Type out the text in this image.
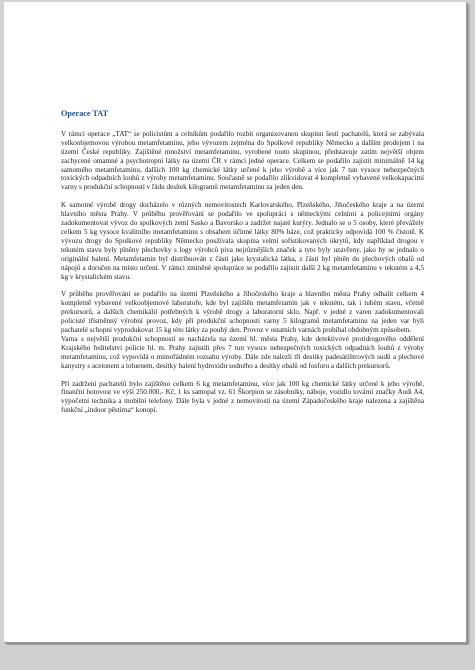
Operace TAT
V rámci operace „TAT“ se policistům a celníkům podařilo rozbít organizovanou skupinu šesti pachatelů, která se zabývala velkoobjemovou výrobou metamfetaminu, jeho vývozem zejména do Spolkové republiky Německo a dalším prodejem i na území České republiky. Zajištěné množství metamfetaminu, vyrobené touto skupinou, představuje zatím největší objem zachycené omamné a psychotropní látky na území ČR v rámci jedné operace. Celkem se podařilo zajistit minimálně 14 kg samotného metamfetaminu, dalších 100 kg chemické látky určené k jeho výrobě a více jak 7 tun vysoce nebezpečných toxických odpadních louhů z výroby metamfetaminu. Současně se podařilo zlikvidovat 4 kompletně vybavené velkokapacitní varny s produkční schopností v řádu desítek kilogramů metamfetaminu za jeden den.
K samotné výrobě drogy docházelo v různých nemovitostech Karlovarského, Plzeňského, Jihočeského kraje a na území hlavního města Prahy. V průběhu prověřování se podařilo ve spolupráci s německými celními a policejními orgány zadokumentovat vývoz do spolkových zemí Sasko a Bavorsko a zadržet najaté kurýry. Jednalo se o 5 osoby, které převážely celkem 5 kg vysoce kvalitního metamfetaminu s obsahem účinné látky 80% báze, což prakticky odpovídá 100 % čistotě. K vývozu drogy do Spolkové republiky Německo používala skupina velmi sofistikovaných úkrytů, kdy například drogou v tekutém stavu byly plněny plechovky s logy výrobců piva nejrůznějších značek a tyto byly uzavřeny, jako by se jednalo o originální balení. Metamfetamin byl distribuován z části jako krystalická látka, z části byl plněn do plechových obalů od nápojů a doručen na místo určení. V rámci zmíněné spolupráce se podařilo zajistit další 2 kg metamfetaminu v tekutém a 4,5 kg v krystalickém stavu.
V průběhu prověřování se podařilo na území Plzeňského a Jihočeského kraje a hlavního města Prahy odhalit celkem 4 kompletně vybavené velkoobjemové laboratoře, kde byl zajištěn metamfetamin jak v tekutém, tak i tuhém stavu, včetně prekursorů, a dalších chemikálií potřebných k výrobě drogy a laboratorní sklo. Např. v jedné z varen zadokumentovali policisté třísměnný výrobní provoz, kdy při produkční schopnosti varny 5 kilogramů metamfetaminu na jeden var byli pachatelé schopni vyprodukovat 15 kg této látky za pouhý den. Provoz v ostatních varnách probíhal obdobným způsobem.
Varna s největší produkční schopností se nacházela na území hl. města Prahy, kde detektivové protidrogového oddělení Krajského ředitelství policie hl. m. Prahy zajistili přes 7 tun vysoce nebezpečných toxických odpadních louhů z výroby metamfetaminu, což vypovídá o mimořádném rozsahu výroby. Dále zde nalezli tři desítky padesátilitrových sudů a plechové kanystry s acetonem a toluenem, desítky balení hydroxidu sodného a desítky obalů od fosforu a dalších prekursorů.
Při zadržení pachatelů bylo zajištěno celkem 6 kg metamfetaminu, více jak 100 kg chemické látky určené k jeho výrobě, finanční hotovost ve výši 250.000,- Kč, 1 ks samopal vz. 61 Škorpion se zásobníky, náboje, vozidlo tovární značky Audi A4, výpočetní technika a mobilní telefony. Dále byla v jedné z nemovitostí na území Západočeského kraje nalezena a zajištěna funkční „indoor pěstírna“ konopí.
